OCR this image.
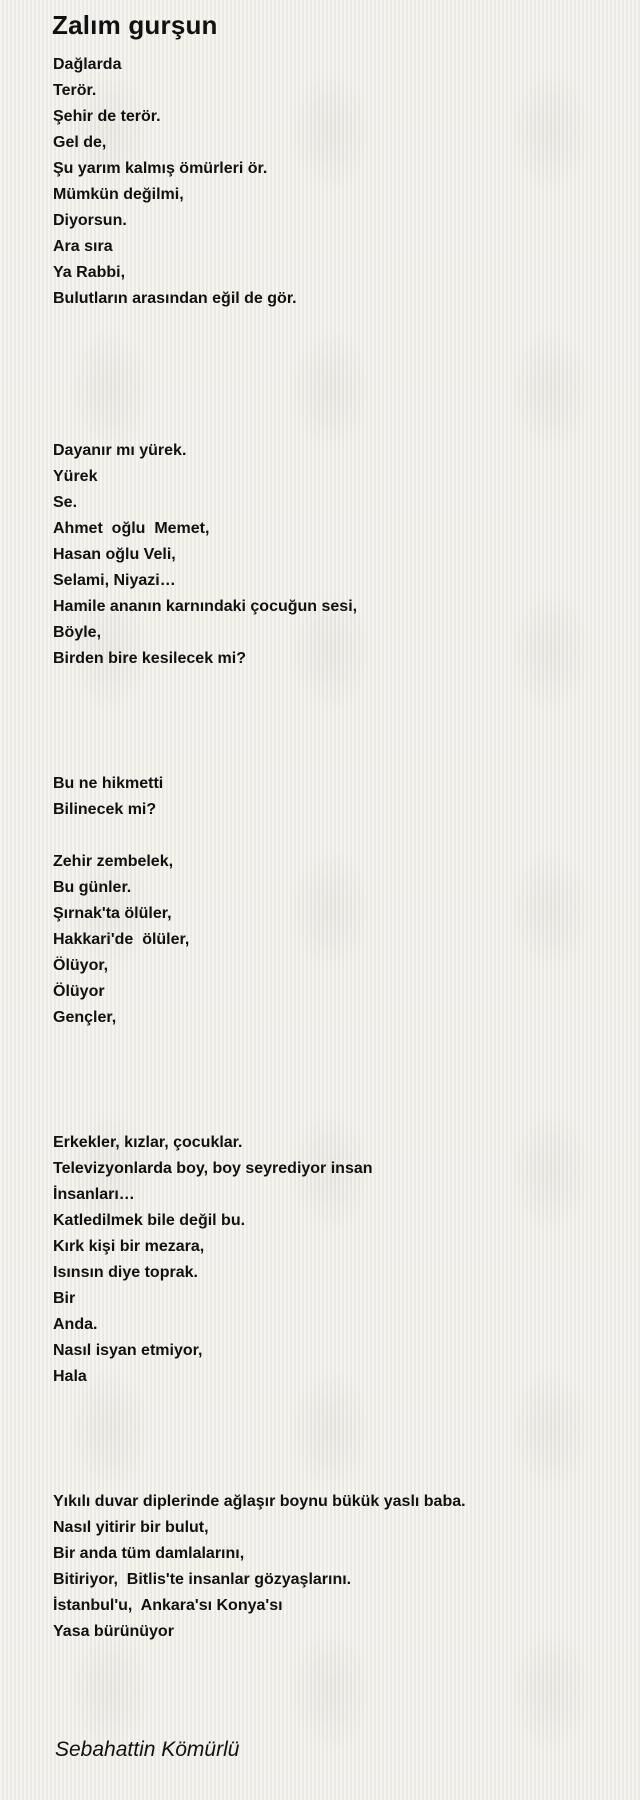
Zalım gurşun
Dağlarda
Terör.
Şehir de terör.
Gel de,
Şu yarım kalmış ömürleri ör.
Mümkün değilmi,
Diyorsun.
Ara sıra
Ya Rabbi,
Bulutların arasından eğil de gör.
Dayanır mı yürek.
Yürek
Se.
Ahmet  oğlu  Memet,
Hasan oğlu Veli,
Selami, Niyazi…
Hamile ananın karnındaki çocuğun sesi,
Böyle,
Birden bire kesilecek mi?
Bu ne hikmetti
Bilinecek mi?
Zehir zembelek,
Bu günler.
Şırnak'ta ölüler,
Hakkari'de  ölüler,
Ölüyor,
Ölüyor
Gençler,
Erkekler, kızlar, çocuklar.
Televizyonlarda boy, boy seyrediyor insan
İnsanları…
Katledilmek bile değil bu.
Kırk kişi bir mezara,
Isınsın diye toprak.
Bir
Anda.
Nasıl isyan etmiyor,
Hala
Yıkılı duvar diplerinde ağlaşır boynu bükük yaslı baba.
Nasıl yitirir bir bulut,
Bir anda tüm damlalarını,
Bitiriyor,  Bitlis'te insanlar gözyaşlarını.
İstanbul'u,  Ankara'sı Konya'sı
Yasa bürünüyor
Sebahattin Kömürlü
